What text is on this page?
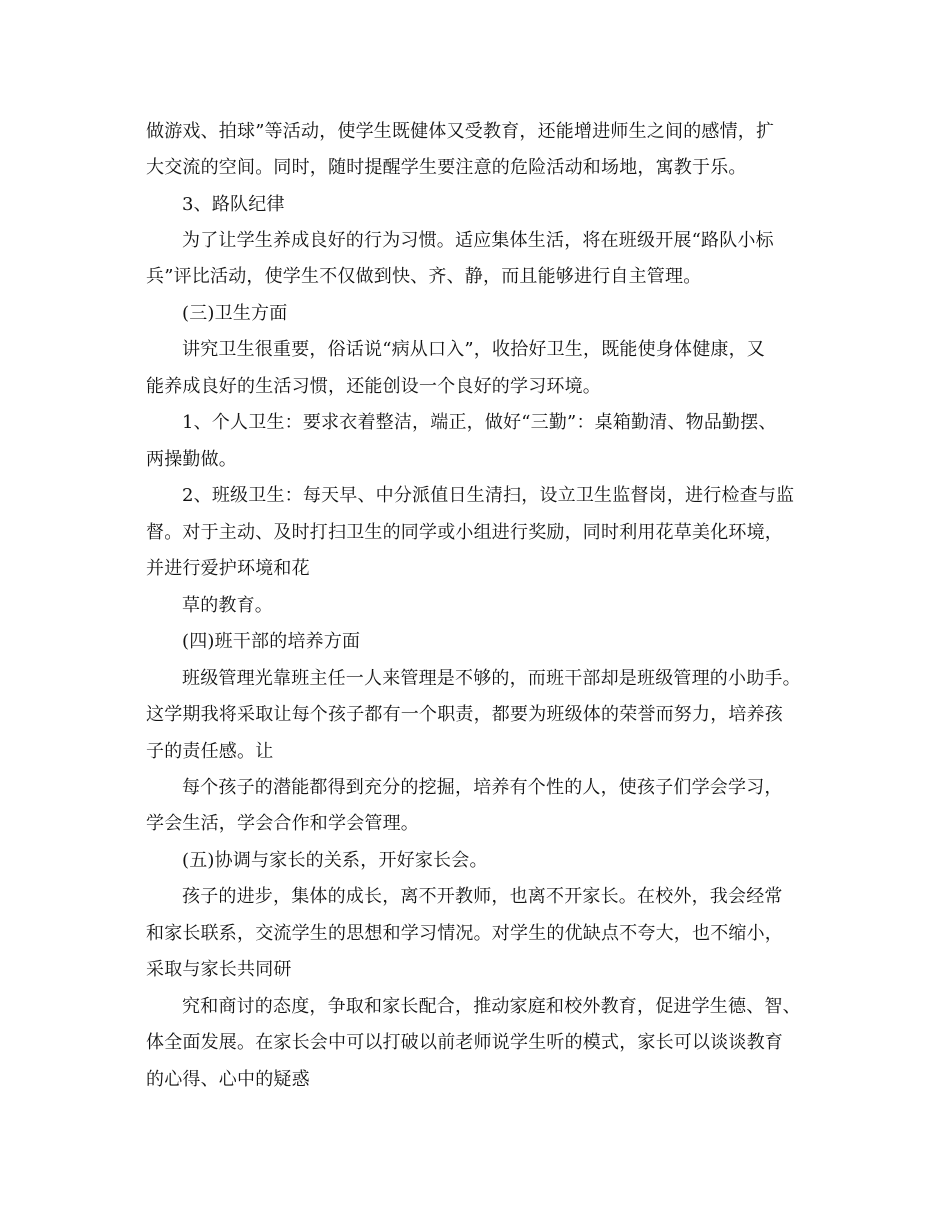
做游戏、拍球”等活动，使学生既健体又受教育，还能增进师生之间的感情，扩
大交流的空间。同时，随时提醒学生要注意的危险活动和场地，寓教于乐。
3、路队纪律
为了让学生养成良好的行为习惯。适应集体生活，将在班级开展“路队小标
兵”评比活动，使学生不仅做到快、齐、静，而且能够进行自主管理。
(三)卫生方面
讲究卫生很重要，俗话说“病从口入”，收拾好卫生，既能使身体健康，又
能养成良好的生活习惯，还能创设一个良好的学习环境。
1、个人卫生：要求衣着整洁，端正，做好“三勤”：桌箱勤清、物品勤摆、
两操勤做。
2、班级卫生：每天早、中分派值日生清扫，设立卫生监督岗，进行检查与监
督。对于主动、及时打扫卫生的同学或小组进行奖励，同时利用花草美化环境，
并进行爱护环境和花
草的教育。
(四)班干部的培养方面
班级管理光靠班主任一人来管理是不够的，而班干部却是班级管理的小助手。
这学期我将采取让每个孩子都有一个职责，都要为班级体的荣誉而努力，培养孩
子的责任感。让
每个孩子的潜能都得到充分的挖掘，培养有个性的人，使孩子们学会学习，
学会生活，学会合作和学会管理。
(五)协调与家长的关系，开好家长会。
孩子的进步，集体的成长，离不开教师，也离不开家长。在校外，我会经常
和家长联系，交流学生的思想和学习情况。对学生的优缺点不夸大，也不缩小，
采取与家长共同研
究和商讨的态度，争取和家长配合，推动家庭和校外教育，促进学生德、智、
体全面发展。在家长会中可以打破以前老师说学生听的模式，家长可以谈谈教育
的心得、心中的疑惑
